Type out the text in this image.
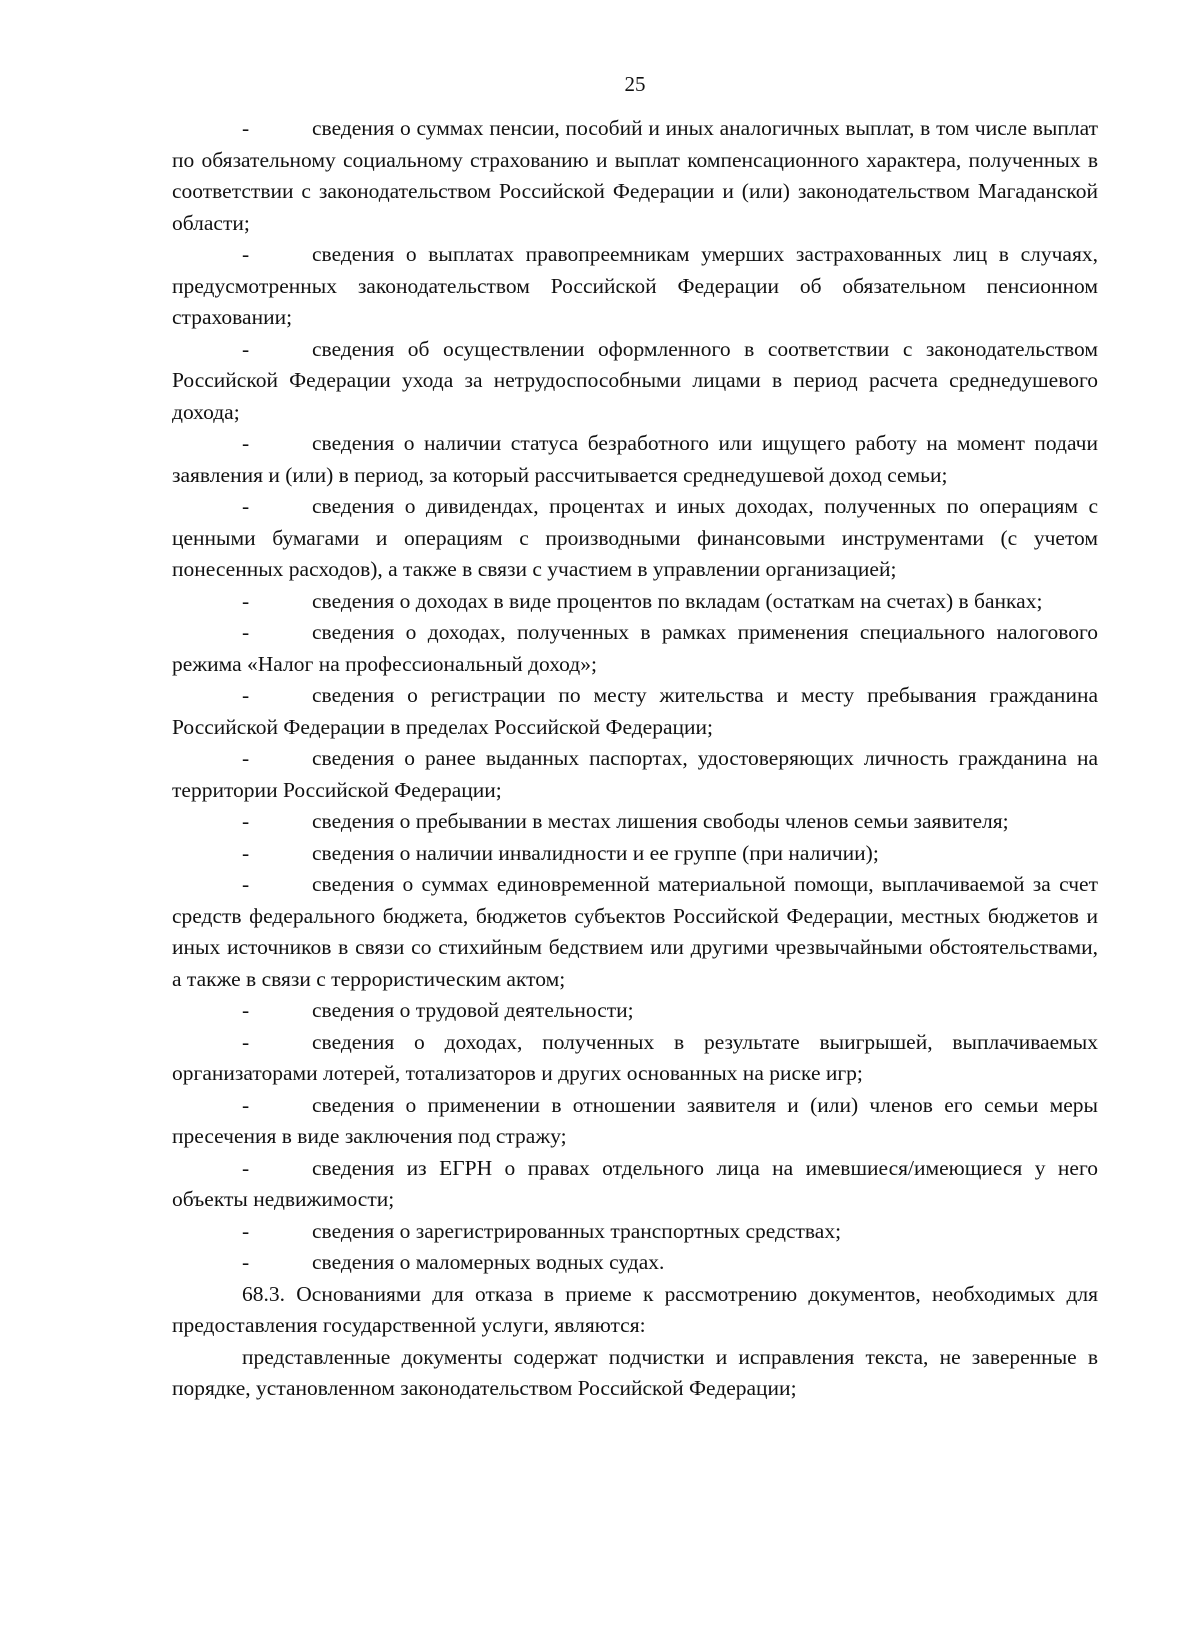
25

-	сведения о суммах пенсии, пособий и иных аналогичных выплат, в том числе выплат по обязательному социальному страхованию и выплат компенсационного характера, полученных в соответствии с законодательством Российской Федерации и (или) законодательством Магаданской области;

-	сведения о выплатах правопреемникам умерших застрахованных лиц в случаях, предусмотренных законодательством Российской Федерации об обязательном пенсионном страховании;

-	сведения об осуществлении оформленного в соответствии с законодательством Российской Федерации ухода за нетрудоспособными лицами в период расчета среднедушевого дохода;

-	сведения о наличии статуса безработного или ищущего работу на момент подачи заявления и (или) в период, за который рассчитывается среднедушевой доход семьи;

-	сведения о дивидендах, процентах и иных доходах, полученных по операциям с ценными бумагами и операциям с производными финансовыми инструментами (с учетом понесенных расходов), а также в связи с участием в управлении организацией;

-	сведения о доходах в виде процентов по вкладам (остаткам на счетах) в банках;

-	сведения о доходах, полученных в рамках применения специального налогового режима «Налог на профессиональный доход»;

-	сведения о регистрации по месту жительства и месту пребывания гражданина Российской Федерации в пределах Российской Федерации;

-	сведения о ранее выданных паспортах, удостоверяющих личность гражданина на территории Российской Федерации;

-	сведения о пребывании в местах лишения свободы членов семьи заявителя;

-	сведения о наличии инвалидности и ее группе (при наличии);

-	сведения о суммах единовременной материальной помощи, выплачиваемой за счет средств федерального бюджета, бюджетов субъектов Российской Федерации, местных бюджетов и иных источников в связи со стихийным бедствием или другими чрезвычайными обстоятельствами, а также в связи с террористическим актом;

-	сведения о трудовой деятельности;

-	сведения о доходах, полученных в результате выигрышей, выплачиваемых организаторами лотерей, тотализаторов и других основанных на риске игр;

-	сведения о применении в отношении заявителя и (или) членов его семьи меры пресечения в виде заключения под стражу;

-	сведения из ЕГРН о правах отдельного лица на имевшиеся/имеющиеся у него объекты недвижимости;

-	сведения о зарегистрированных транспортных средствах;

-	сведения о маломерных водных судах.

68.3. Основаниями для отказа в приеме к рассмотрению документов, необходимых для предоставления государственной услуги, являются:

представленные документы содержат подчистки и исправления текста, не заверенные в порядке, установленном законодательством Российской Федерации;
